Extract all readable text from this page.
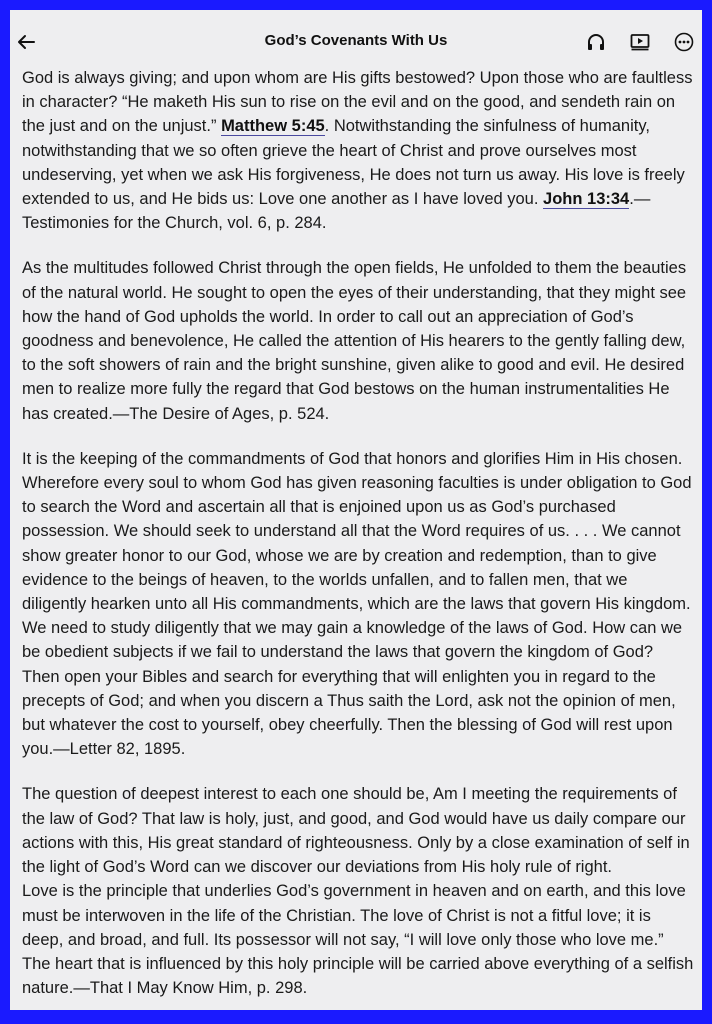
God’s Covenants With Us

God is always giving; and upon whom are His gifts bestowed? Upon those who are faultless in character? “He maketh His sun to rise on the evil and on the good, and sendeth rain on the just and on the unjust.” Matthew 5:45. Notwithstanding the sinfulness of humanity, notwithstanding that we so often grieve the heart of Christ and prove ourselves most undeserving, yet when we ask His forgiveness, He does not turn us away. His love is freely extended to us, and He bids us: Love one another as I have loved you. John 13:34.—Testimonies for the Church, vol. 6, p. 284.

As the multitudes followed Christ through the open fields, He unfolded to them the beauties of the natural world. He sought to open the eyes of their understanding, that they might see how the hand of God upholds the world. In order to call out an appreciation of God’s goodness and benevolence, He called the attention of His hearers to the gently falling dew, to the soft showers of rain and the bright sunshine, given alike to good and evil. He desired men to realize more fully the regard that God bestows on the human instrumentalities He has created.—The Desire of Ages, p. 524.

It is the keeping of the commandments of God that honors and glorifies Him in His chosen. Wherefore every soul to whom God has given reasoning faculties is under obligation to God to search the Word and ascertain all that is enjoined upon us as God’s purchased possession. We should seek to understand all that the Word requires of us. . . . We cannot show greater honor to our God, whose we are by creation and redemption, than to give evidence to the beings of heaven, to the worlds unfallen, and to fallen men, that we diligently hearken unto all His commandments, which are the laws that govern His kingdom.

We need to study diligently that we may gain a knowledge of the laws of God. How can we be obedient subjects if we fail to understand the laws that govern the kingdom of God? Then open your Bibles and search for everything that will enlighten you in regard to the precepts of God; and when you discern a Thus saith the Lord, ask not the opinion of men, but whatever the cost to yourself, obey cheerfully. Then the blessing of God will rest upon you.—Letter 82, 1895.

The question of deepest interest to each one should be, Am I meeting the requirements of the law of God? That law is holy, just, and good, and God would have us daily compare our actions with this, His great standard of righteousness. Only by a close examination of self in the light of God’s Word can we discover our deviations from His holy rule of right.

Love is the principle that underlies God’s government in heaven and on earth, and this love must be interwoven in the life of the Christian. The love of Christ is not a fitful love; it is deep, and broad, and full. Its possessor will not say, “I will love only those who love me.” The heart that is influenced by this holy principle will be carried above everything of a selfish nature.—That I May Know Him, p. 298.
